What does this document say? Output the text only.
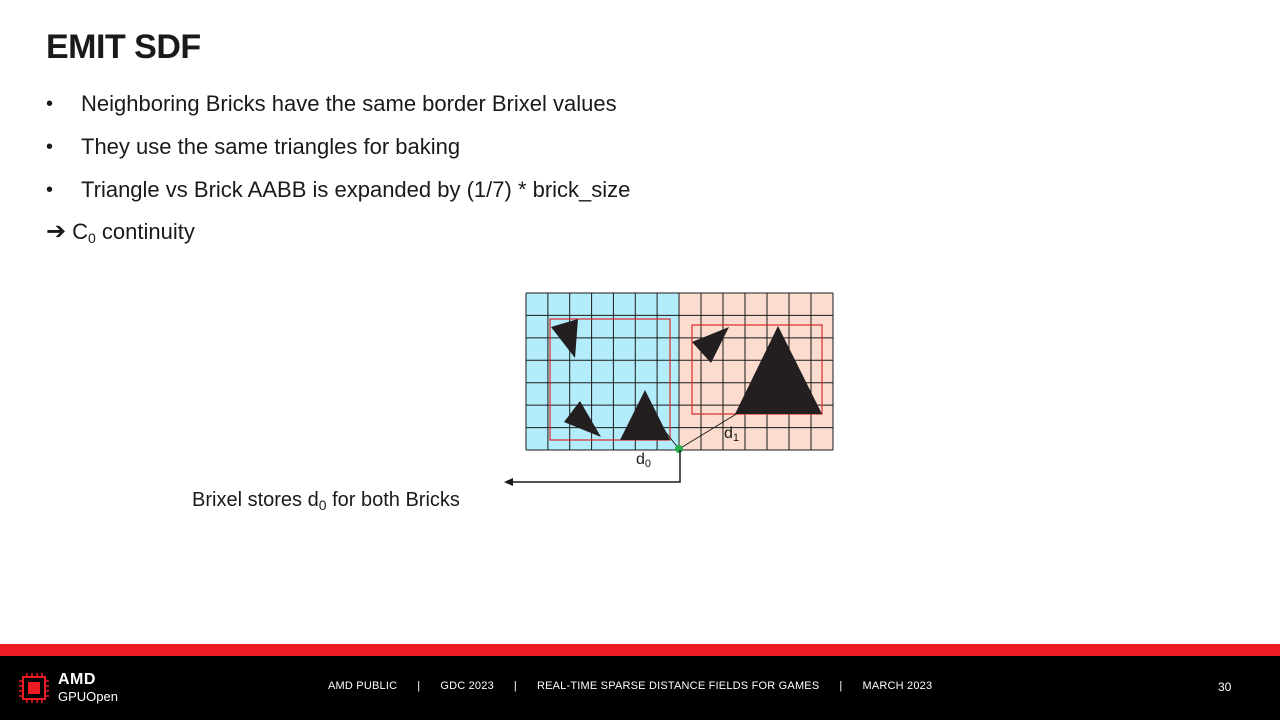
EMIT SDF
• Neighboring Bricks have the same border Brixel values
• They use the same triangles for baking
• Triangle vs Brick AABB is expanded by (1/7) * brick_size
➔ $C_0$ continuity
d0
d1
Brixel stores $d_0$ for both Bricks
AMD
GPUOpen
AMD PUBLIC | GDC 2023 | REAL-TIME SPARSE DISTANCE FIELDS FOR GAMES | MARCH 2023	30
